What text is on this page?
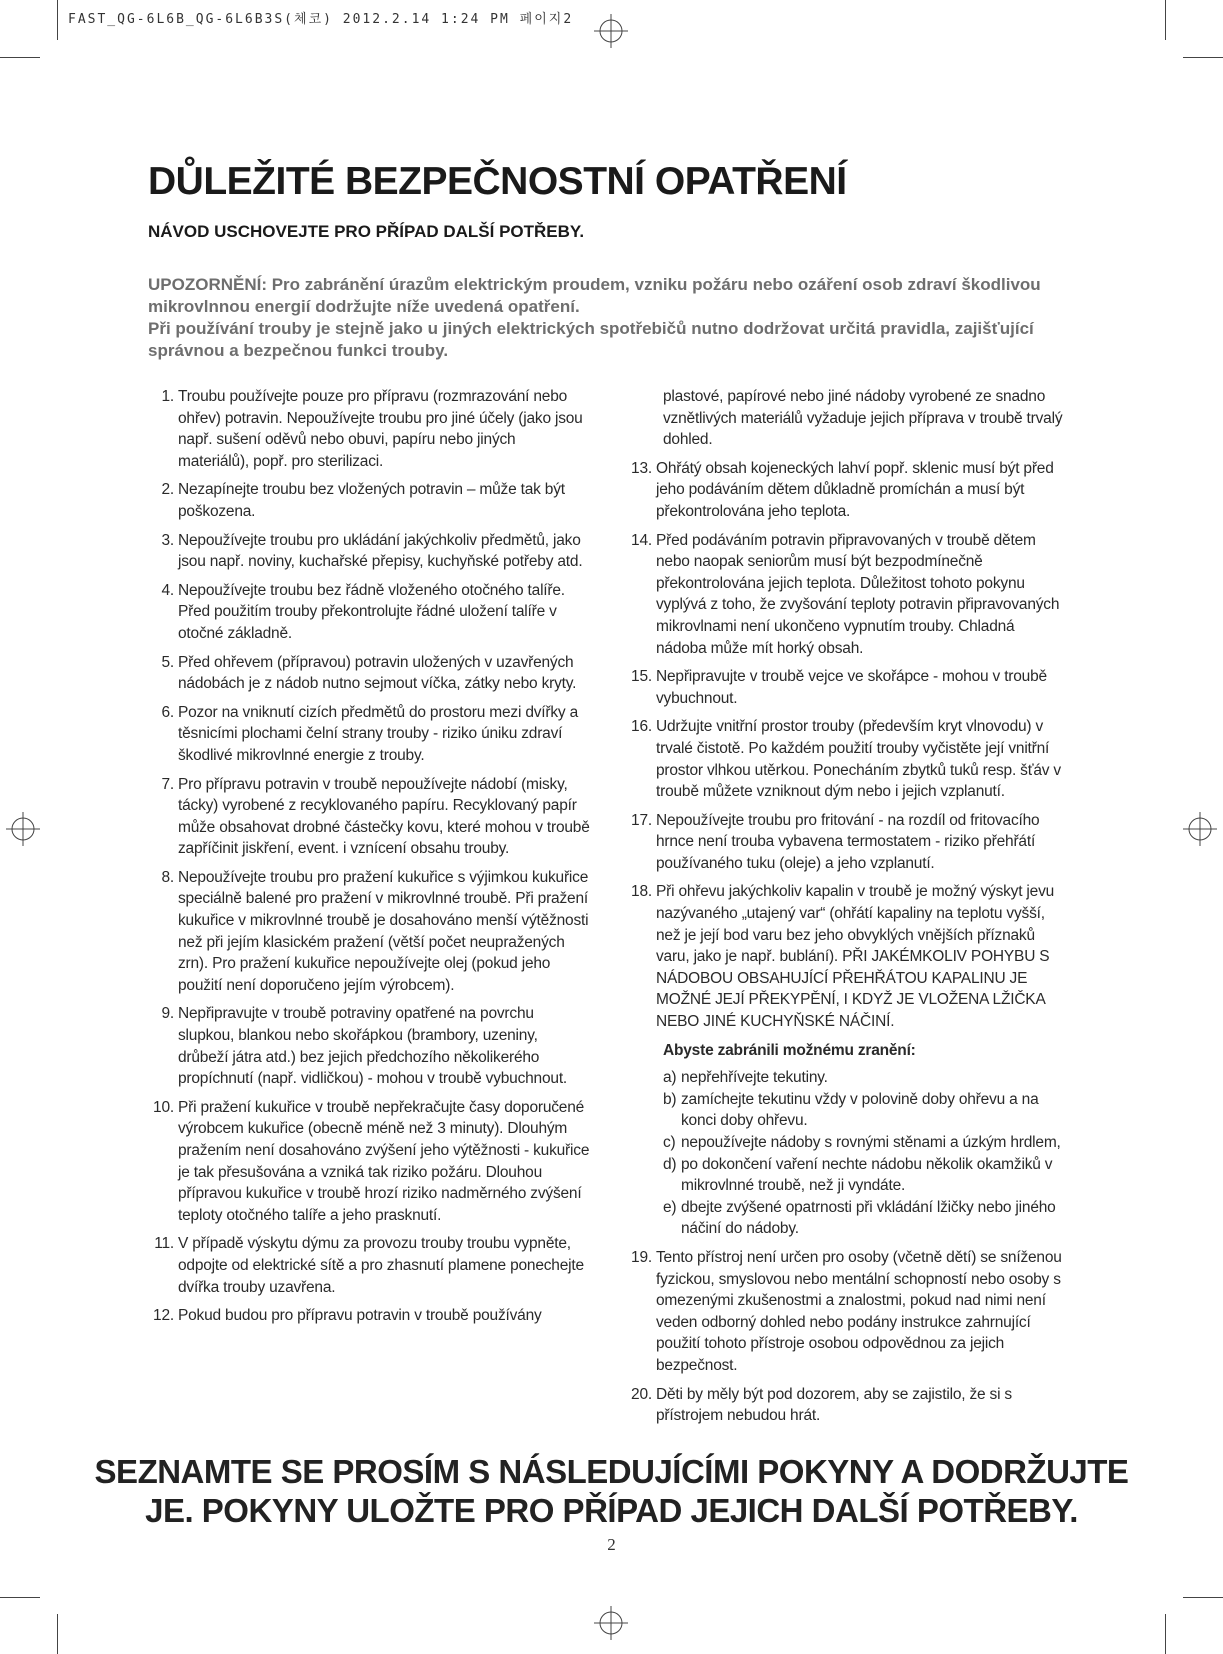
FAST_QG-6L6B_QG-6L6B3S(체코) 2012.2.14 1:24 PM 페이지2
DŮLEŽITÉ BEZPEČNOSTNÍ OPATŘENÍ
NÁVOD USCHOVEJTE PRO PŘÍPAD DALŠÍ POTŘEBY.

UPOZORNĚNÍ: Pro zabránění úrazům elektrickým proudem, vzniku požáru nebo ozáření osob zdraví škodlivou mikrovlnnou energií dodržujte níže uvedená opatření.

Při používání trouby je stejně jako u jiných elektrických spotřebičů nutno dodržovat určitá pravidla, zajišťující správnou a bezpečnou funkci trouby.

1. Troubu používejte pouze pro přípravu (rozmrazování nebo ohřev) potravin. Nepoužívejte troubu pro jiné účely (jako jsou např. sušení oděvů nebo obuvi, papíru nebo jiných materiálů), popř. pro sterilizaci.
2. Nezapínejte troubu bez vložených potravin – může tak být poškozena.
3. Nepoužívejte troubu pro ukládání jakýchkoliv předmětů, jako jsou např. noviny, kuchařské přepisy, kuchyňské potřeby atd.
4. Nepoužívejte troubu bez řádně vloženého otočného talíře. Před použitím trouby překontrolujte řádné uložení talíře v otočné základně.
5. Před ohřevem (přípravou) potravin uložených v uzavřených nádobách je z nádob nutno sejmout víčka, zátky nebo kryty.
6. Pozor na vniknutí cizích předmětů do prostoru mezi dvířky a těsnicími plochami čelní strany trouby - riziko úniku zdraví škodlivé mikrovlnné energie z trouby.
7. Pro přípravu potravin v troubě nepoužívejte nádobí (misky, tácky) vyrobené z recyklovaného papíru. Recyklovaný papír může obsahovat drobné částečky kovu, které mohou v troubě zapříčinit jiskření, event. i vznícení obsahu trouby.
8. Nepoužívejte troubu pro pražení kukuřice s výjimkou kukuřice speciálně balené pro pražení v mikrovlnné troubě. Při pražení kukuřice v mikrovlnné troubě je dosahováno menší výtěžnosti než při jejím klasickém pražení (větší počet neupražených zrn). Pro pražení kukuřice nepoužívejte olej (pokud jeho použití není doporučeno jejím výrobcem).
9. Nepřipravujte v troubě potraviny opatřené na povrchu slupkou, blankou nebo skořápkou (brambory, uzeniny, drůbeží játra atd.) bez jejich předchozího několikerého propíchnutí (např. vidličkou) - mohou v troubě vybuchnout.
10. Při pražení kukuřice v troubě nepřekračujte časy doporučené výrobcem kukuřice (obecně méně než 3 minuty). Dlouhým pražením není dosahováno zvýšení jeho výtěžnosti - kukuřice je tak přesušována a vzniká tak riziko požáru. Dlouhou přípravou kukuřice v troubě hrozí riziko nadměrného zvýšení teploty otočného talíře a jeho prasknutí.
11. V případě výskytu dýmu za provozu trouby troubu vypněte, odpojte od elektrické sítě a pro zhasnutí plamene ponechejte dvířka trouby uzavřena.
12. Pokud budou pro přípravu potravin v troubě používány
plastové, papírové nebo jiné nádoby vyrobené ze snadno vznětlivých materiálů vyžaduje jejich příprava v troubě trvalý dohled.
13. Ohřátý obsah kojeneckých lahví popř. sklenic musí být před jeho podáváním dětem důkladně promíchán a musí být překontrolována jeho teplota.
14. Před podáváním potravin připravovaných v troubě dětem nebo naopak seniorům musí být bezpodmínečně překontrolována jejich teplota. Důležitost tohoto pokynu vyplývá z toho, že zvyšování teploty potravin připravovaných mikrovlnami není ukončeno vypnutím trouby. Chladná nádoba může mít horký obsah.
15. Nepřipravujte v troubě vejce ve skořápce - mohou v troubě vybuchnout.
16. Udržujte vnitřní prostor trouby (především kryt vlnovodu) v trvalé čistotě. Po každém použití trouby vyčistěte její vnitřní prostor vlhkou utěrkou. Ponecháním zbytků tuků resp. šťáv v troubě můžete vzniknout dým nebo i jejich vzplanutí.
17. Nepoužívejte troubu pro fritování - na rozdíl od fritovacího hrnce není trouba vybavena termostatem - riziko přehřátí používaného tuku (oleje) a jeho vzplanutí.
18. Při ohřevu jakýchkoliv kapalin v troubě je možný výskyt jevu nazývaného „utajený var“ (ohřátí kapaliny na teplotu vyšší, než je její bod varu bez jeho obvyklých vnějších příznaků varu, jako je např. bublání). PŘI JAKÉMKOLIV POHYBU S NÁDOBOU OBSAHUJÍCÍ PŘEHŘÁTOU KAPALINU JE MOŽNÉ JEJÍ PŘEKYPĚNÍ, I KDYŽ JE VLOŽENA LŽIČKA NEBO JINÉ KUCHYŇSKÉ NÁČINÍ.
Abyste zabránili možnému zranění:
a) nepřehřívejte tekutiny.
b) zamíchejte tekutinu vždy v polovině doby ohřevu a na konci doby ohřevu.
c) nepoužívejte nádoby s rovnými stěnami a úzkým hrdlem,
d) po dokončení vaření nechte nádobu několik okamžiků v mikrovlnné troubě, než ji vyndáte.
e) dbejte zvýšené opatrnosti při vkládání lžičky nebo jiného náčiní do nádoby.
19. Tento přístroj není určen pro osoby (včetně dětí) se sníženou fyzickou, smyslovou nebo mentální schopností nebo osoby s omezenými zkušenostmi a znalostmi, pokud nad nimi není veden odborný dohled nebo podány instrukce zahrnující použití tohoto přístroje osobou odpovědnou za jejich bezpečnost.
20. Děti by měly být pod dozorem, aby se zajistilo, že si s přístrojem nebudou hrát.
SEZNAMTE SE PROSÍM S NÁSLEDUJÍCÍMI POKYNY A DODRŽUJTE
JE. POKYNY ULOŽTE PRO PŘÍPAD JEJICH DALŠÍ POTŘEBY.
2
